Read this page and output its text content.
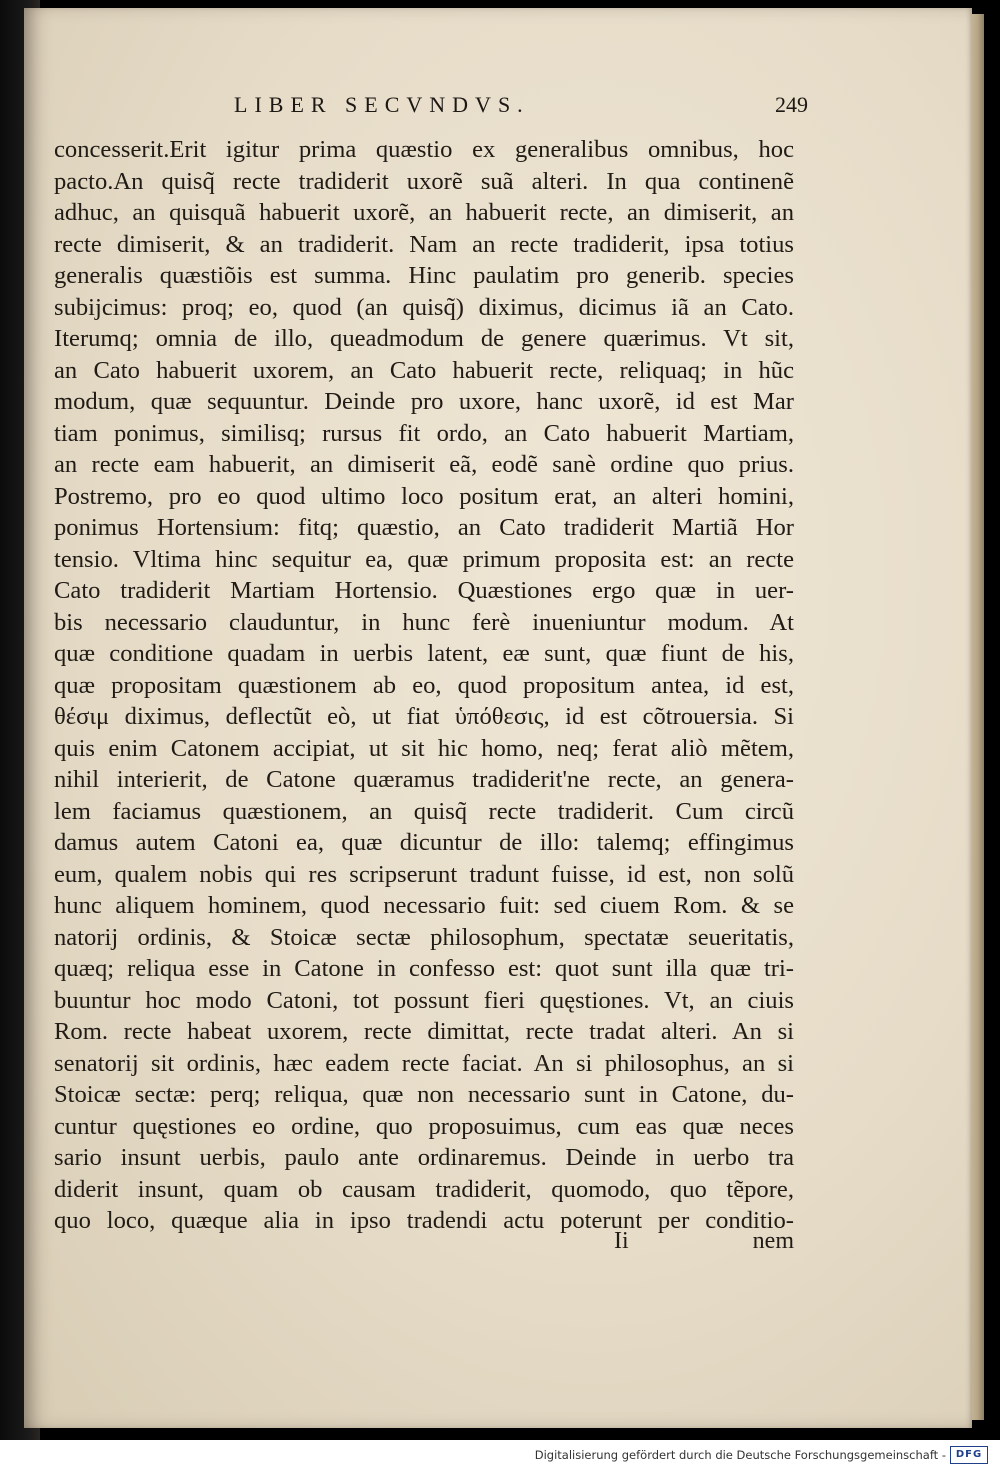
LIBER SECVNDVS.	249
concesserit.Erit igitur prima quæstio ex generalibus omnibus, hoc
pacto.An quisq̃ recte tradiderit uxorẽ suã alteri. In qua continenẽ
adhuc, an quisquã habuerit uxorẽ, an habuerit recte, an dimiserit, an
recte dimiserit, & an tradiderit. Nam an recte tradiderit, ipsa totius
generalis quæstiõis est summa. Hinc paulatim pro generib. species
subijcimus: proq; eo, quod (an quisq̃) diximus, dicimus iã an Cato.
Iterumq; omnia de illo, queadmodum de genere quærimus. Vt sit,
an Cato habuerit uxorem, an Cato habuerit recte, reliquaq; in hũc
modum, quæ sequuntur. Deinde pro uxore, hanc uxorẽ, id est Mar
tiam ponimus, similisq; rursus fit ordo, an Cato habuerit Martiam,
an recte eam habuerit, an dimiserit eã, eodẽ sanè ordine quo prius.
Postremo, pro eo quod ultimo loco positum erat, an alteri homini,
ponimus Hortensium: fitq; quæstio, an Cato tradiderit Martiã Hor
tensio. Vltima hinc sequitur ea, quæ primum proposita est: an recte
Cato tradiderit Martiam Hortensio. Quæstiones ergo quæ in uer-
bis necessario clauduntur, in hunc ferè inueniuntur modum. At
quæ conditione quadam in uerbis latent, eæ sunt, quæ fiunt de his,
quæ propositam quæstionem ab eo, quod propositum antea, id est,
θέσιμ diximus, deflectũt eò, ut fiat ὑπόθεσις, id est cõtrouersia. Si
quis enim Catonem accipiat, ut sit hic homo, neq; ferat aliò mẽtem,
nihil interierit, de Catone quæramus tradiderit'ne recte, an genera-
lem faciamus quæstionem, an quisq̃ recte tradiderit. Cum circũ
damus autem Catoni ea, quæ dicuntur de illo: talemq; effingimus
eum, qualem nobis qui res scripserunt tradunt fuisse, id est, non solũ
hunc aliquem hominem, quod necessario fuit: sed ciuem Rom. & se
natorij ordinis, & Stoicæ sectæ philosophum, spectatæ seueritatis,
quæq; reliqua esse in Catone in confesso est: quot sunt illa quæ tri-
buuntur hoc modo Catoni, tot possunt fieri quęstiones. Vt, an ciuis
Rom. recte habeat uxorem, recte dimittat, recte tradat alteri. An si
senatorij sit ordinis, hæc eadem recte faciat. An si philosophus, an si
Stoicæ sectæ: perq; reliqua, quæ non necessario sunt in Catone, du-
cuntur quęstiones eo ordine, quo proposuimus, cum eas quæ neces
sario insunt uerbis, paulo ante ordinaremus. Deinde in uerbo tra
diderit insunt, quam ob causam tradiderit, quomodo, quo tẽpore,
quo loco, quæque alia in ipso tradendi actu poterunt per conditio-
Ii	nem
Digitalisierung gefördert durch die Deutsche Forschungsgemeinschaft - DFG
